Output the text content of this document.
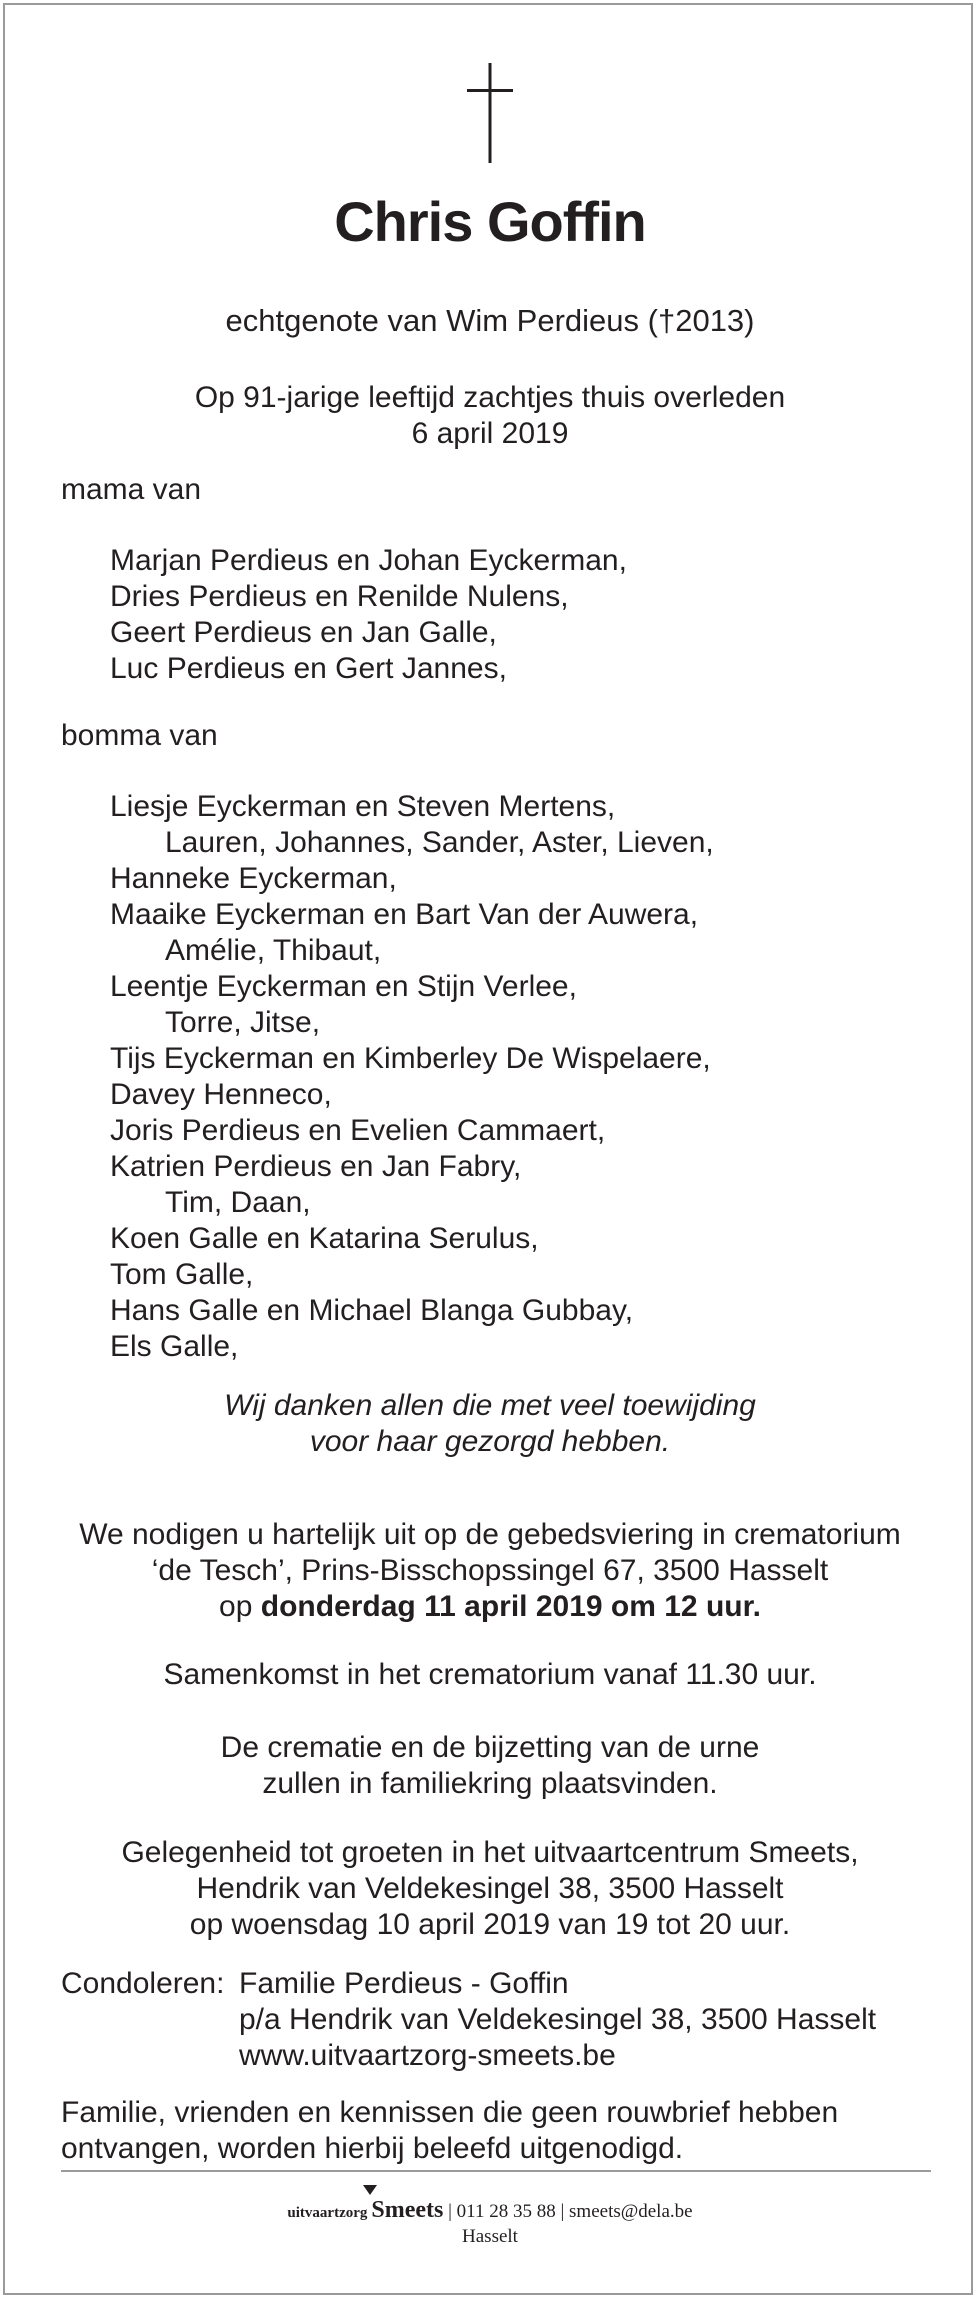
Chris Goffin
echtgenote van Wim Perdieus (†2013)
Op 91-jarige leeftijd zachtjes thuis overleden
6 april 2019
mama van
Marjan Perdieus en Johan Eyckerman,
Dries Perdieus en Renilde Nulens,
Geert Perdieus en Jan Galle,
Luc Perdieus en Gert Jannes,
bomma van
Liesje Eyckerman en Steven Mertens,
Lauren, Johannes, Sander, Aster, Lieven,
Hanneke Eyckerman,
Maaike Eyckerman en Bart Van der Auwera,
Amélie, Thibaut,
Leentje Eyckerman en Stijn Verlee,
Torre, Jitse,
Tijs Eyckerman en Kimberley De Wispelaere,
Davey Henneco,
Joris Perdieus en Evelien Cammaert,
Katrien Perdieus en Jan Fabry,
Tim, Daan,
Koen Galle en Katarina Serulus,
Tom Galle,
Hans Galle en Michael Blanga Gubbay,
Els Galle,
Wij danken allen die met veel toewijding
voor haar gezorgd hebben.
We nodigen u hartelijk uit op de gebedsviering in crematorium
‘de Tesch’, Prins-Bisschopssingel 67, 3500 Hasselt
op donderdag 11 april 2019 om 12 uur.
Samenkomst in het crematorium vanaf 11.30 uur.
De crematie en de bijzetting van de urne
zullen in familiekring plaatsvinden.
Gelegenheid tot groeten in het uitvaartcentrum Smeets,
Hendrik van Veldekesingel 38, 3500 Hasselt
op woensdag 10 april 2019 van 19 tot 20 uur.
Condoleren: Familie Perdieus - Goffin
p/a Hendrik van Veldekesingel 38, 3500 Hasselt
www.uitvaartzorg-smeets.be
Familie, vrienden en kennissen die geen rouwbrief hebben
ontvangen, worden hierbij beleefd uitgenodigd.
uitvaartzorg Smeets | 011 28 35 88 | smeets@dela.be
Hasselt
